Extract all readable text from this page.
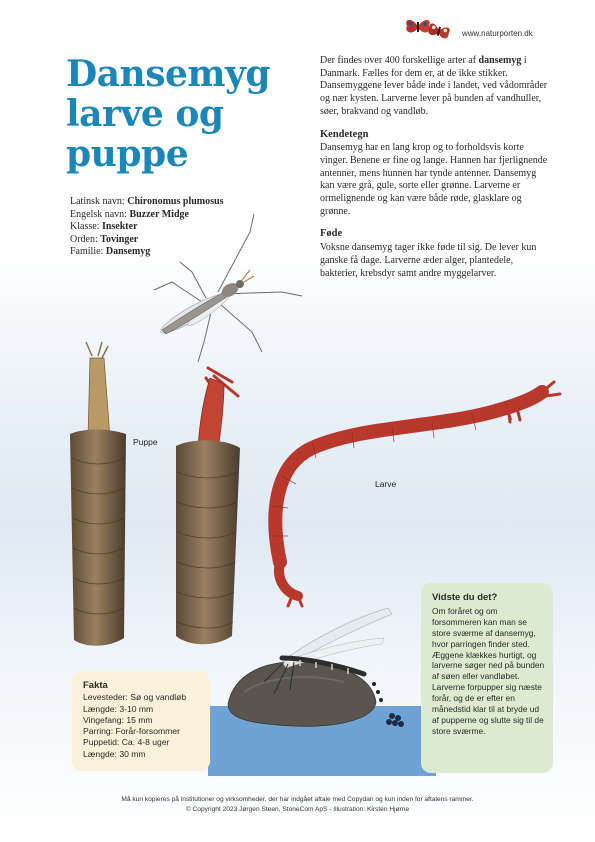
www.naturporten.dk
Dansemyg
larve og
puppe
Latinsk navn: Chironomus plumosus
Engelsk navn: Buzzer Midge
Klasse: Insekter
Orden: Tovinger
Familie: Dansemyg

Der findes over 400 forskellige arter af dansemyg i Danmark. Fælles for dem er, at de ikke stikker. Dansemyggene lever både inde i landet, ved vådområder og nær kysten. Larverne lever på bunden af vandhuller, søer, brakvand og vandløb.

Kendetegn

Dansemyg har en lang krop og to forholdsvis korte vinger. Benene er fine og lange. Hannen har fjerlignende antenner, mens hunnen har tynde antenner. Dansemyg kan være grå, gule, sorte eller grønne. Larverne er ormelignende og kan være både røde, glasklare og grønne.

Føde

Voksne dansemyg tager ikke føde til sig. De lever kun ganske få dage. Larverne æder alger, plantedele, bakterier, krebsdyr samt andre myggelarver.

Puppe
Larve
Fakta
Levesteder: Sø og vandløb
Længde: 3-10 mm
Vingefang: 15 mm
Parring: Forår-forsommer
Puppetid: Ca. 4-8 uger
Længde: 30 mm
Vidste du det?
Om foråret og om forsommeren kan man se store sværme af dansemyg, hvor parringen finder sted. Æggene klækkes hurtigt, og larverne søger ned på bunden af søen eller vandløbet. Larverne forpupper sig næste forår, og de er efter en månedstid klar til at bryde ud af pupperne og slutte sig til de store sværme.
Må kun kopieres på institutioner og virksomheder, der har indgået aftale med Copydan og kun inden for aftalens rammer.
© Copyright 2023 Jørgen Steen, StoneCom ApS - Illustration: Kirsten Hjørne
